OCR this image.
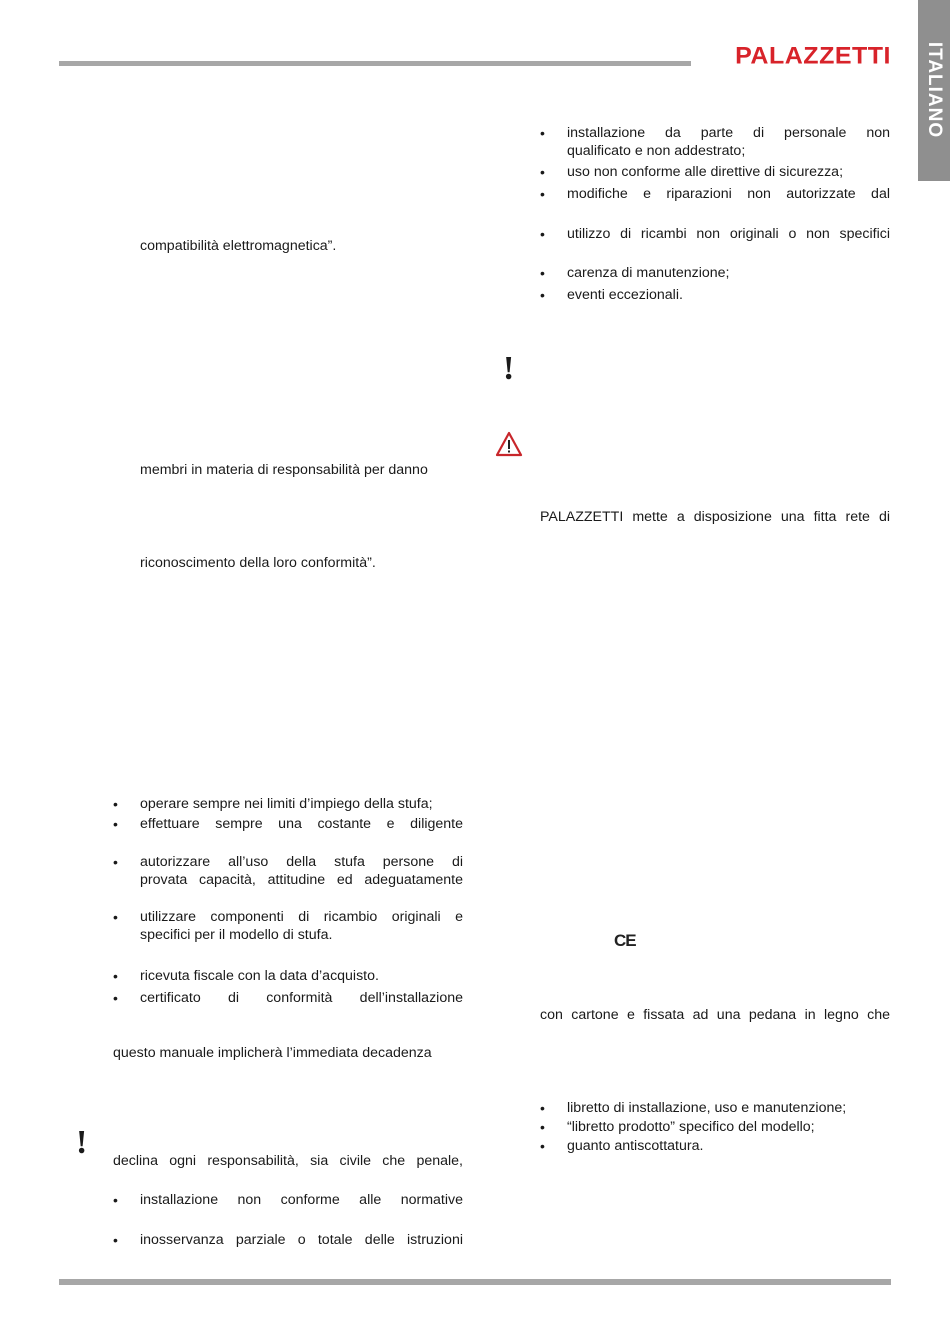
PALAZZETTI ITALIANO
compatibilità elettromagnetica”.
membri in materia di responsabilità per danno
riconoscimento della loro conformità”.
• operare sempre nei limiti d’impiego della stufa;
• effettuare sempre una costante e diligente
• autorizzare all’uso della stufa persone di
provata capacità, attitudine ed adeguatamente
• utilizzare componenti di ricambio originali e
specifici per il modello di stufa.
• ricevuta fiscale con la data d’acquisto.
• certificato di conformità dell’installazione
questo manuale implicherà l’immediata decadenza
! declina ogni responsabilità, sia civile che penale,
• installazione non conforme alle normative
• inosservanza parziale o totale delle istruzioni
• installazione da parte di personale non
qualificato e non addestrato;
• uso non conforme alle direttive di sicurezza;
• modifiche e riparazioni non autorizzate dal
• utilizzo di ricambi non originali o non specifici
• carenza di manutenzione;
• eventi eccezionali.
!
PALAZZETTI mette a disposizione una fitta rete di
CE
con cartone e fissata ad una pedana in legno che
• libretto di installazione, uso e manutenzione;
• “libretto prodotto” specifico del modello;
• guanto antiscottatura.
